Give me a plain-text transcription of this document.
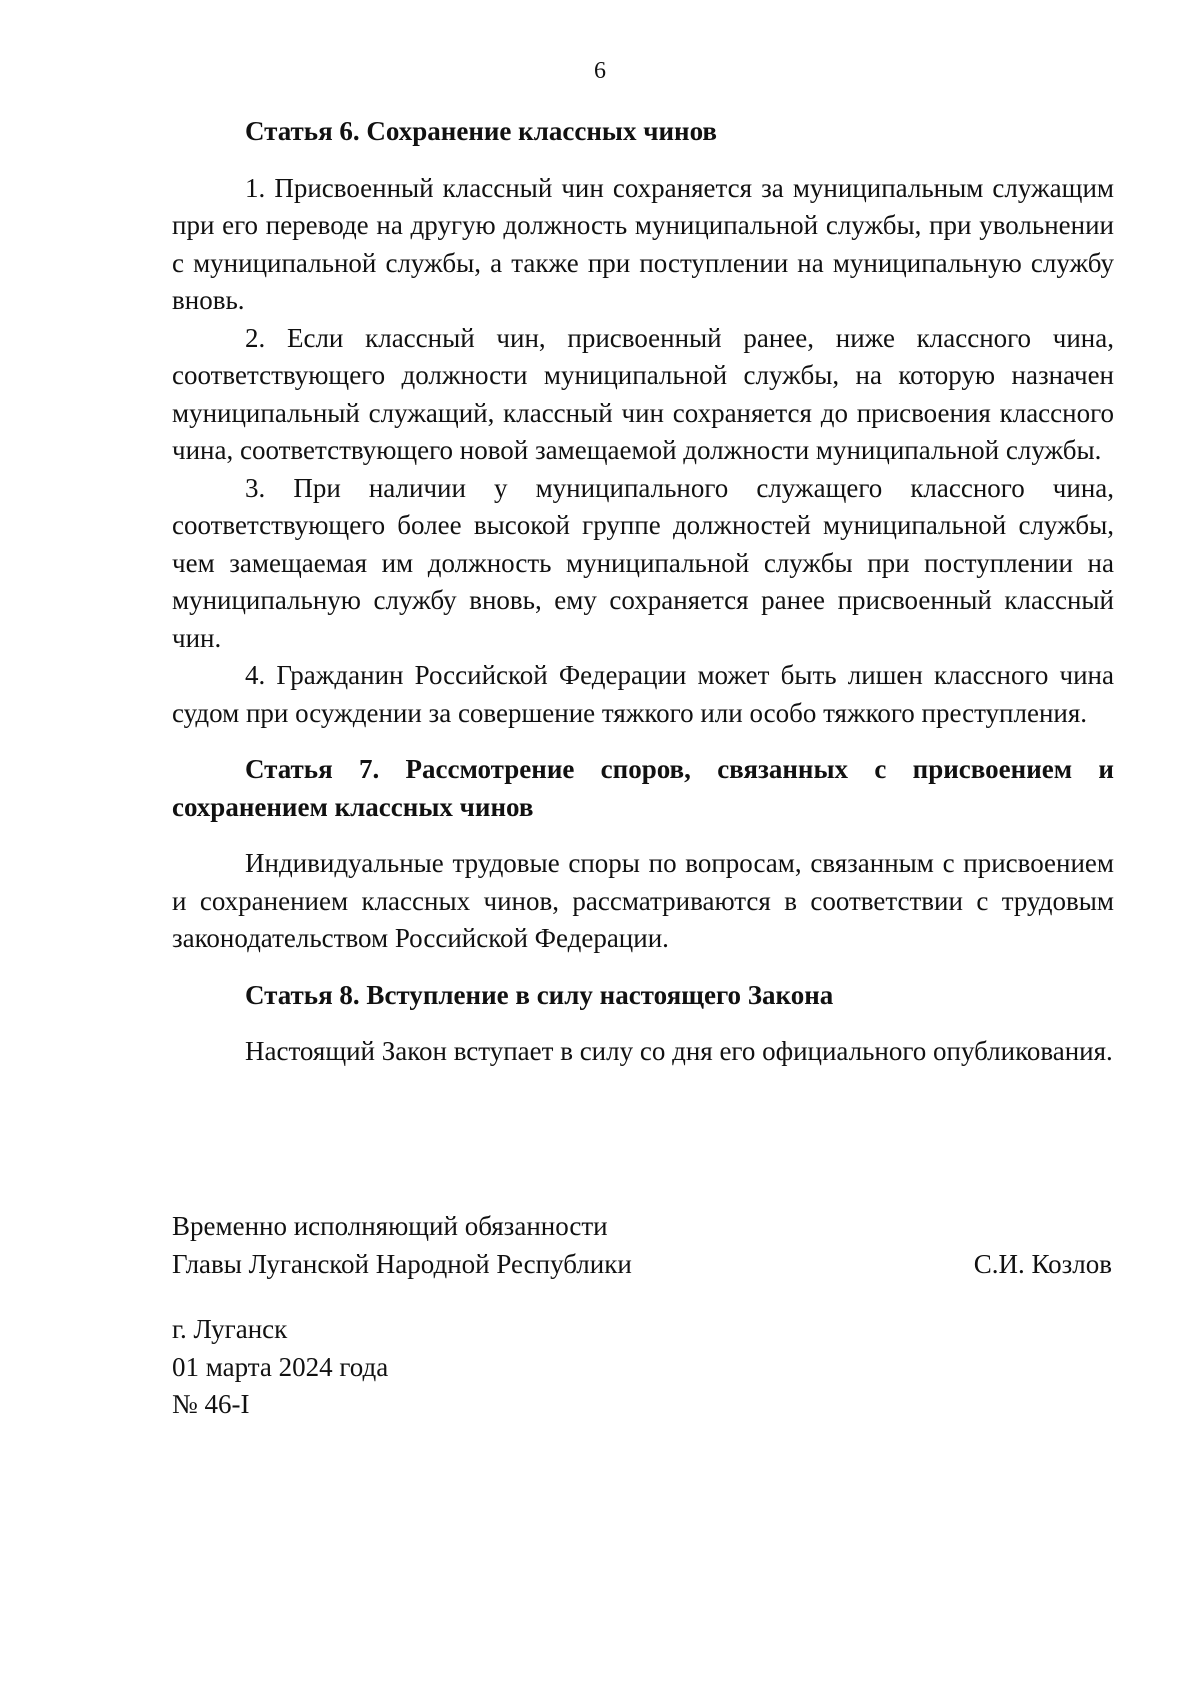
6

Статья 6. Сохранение классных чинов

1. Присвоенный классный чин сохраняется за муниципальным служащим при его переводе на другую должность муниципальной службы, при увольнении с муниципальной службы, а также при поступлении на муниципальную службу вновь.

2. Если классный чин, присвоенный ранее, ниже классного чина, соответствующего должности муниципальной службы, на которую назначен муниципальный служащий, классный чин сохраняется до присвоения классного чина, соответствующего новой замещаемой должности муниципальной службы.

3. При наличии у муниципального служащего классного чина, соответствующего более высокой группе должностей муниципальной службы, чем замещаемая им должность муниципальной службы при поступлении на муниципальную службу вновь, ему сохраняется ранее присвоенный классный чин.

4. Гражданин Российской Федерации может быть лишен классного чина судом при осуждении за совершение тяжкого или особо тяжкого преступления.

Статья 7. Рассмотрение споров, связанных с присвоением и сохранением классных чинов

Индивидуальные трудовые споры по вопросам, связанным с присвоением и сохранением классных чинов, рассматриваются в соответствии с трудовым законодательством Российской Федерации.

Статья 8. Вступление в силу настоящего Закона

Настоящий Закон вступает в силу со дня его официального опубликования.

Временно исполняющий обязанности
Главы Луганской Народной Республики	С.И. Козлов
г. Луганск
01 марта 2024 года
№ 46-I
